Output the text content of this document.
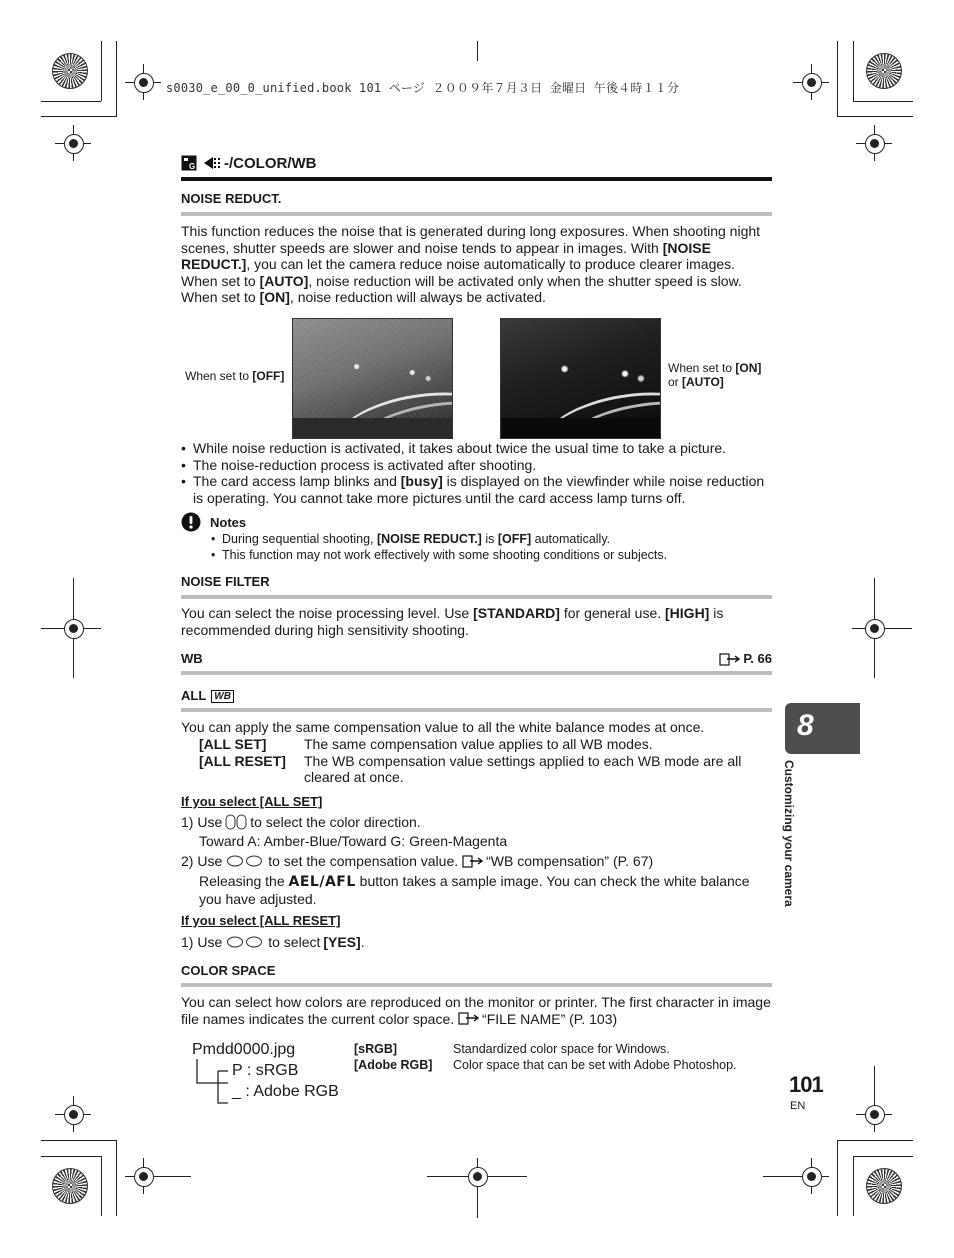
s0030_e_00_0_unified.book 101 ページ ２００９年７月３日 金曜日 午後４時１１分
G -/COLOR/WB
NOISE REDUCT.
This function reduces the noise that is generated during long exposures. When shooting night scenes, shutter speeds are slower and noise tends to appear in images. With [NOISE REDUCT.], you can let the camera reduce noise automatically to produce clearer images. When set to [AUTO], noise reduction will be activated only when the shutter speed is slow. When set to [ON], noise reduction will always be activated.
When set to [OFF]
When set to [ON]
or [AUTO]
• While noise reduction is activated, it takes about twice the usual time to take a picture.
• The noise-reduction process is activated after shooting.
• The card access lamp blinks and [busy] is displayed on the viewfinder while noise reduction is operating. You cannot take more pictures until the card access lamp turns off.
Notes
• During sequential shooting, [NOISE REDUCT.] is [OFF] automatically.
• This function may not work effectively with some shooting conditions or subjects.
NOISE FILTER
You can select the noise processing level. Use [STANDARD] for general use. [HIGH] is recommended during high sensitivity shooting.
WB	P. 66
ALL WB
You can apply the same compensation value to all the white balance modes at once.
[ALL SET]	The same compensation value applies to all WB modes.
[ALL RESET]	The WB compensation value settings applied to each WB mode are all cleared at once.
If you select [ALL SET]
1) Use to select the color direction.
Toward A: Amber-Blue/Toward G: Green-Magenta
2) Use	to set the compensation value. “WB compensation” (P. 67)
Releasing the AEL/AFL button takes a sample image. You can check the white balance you have adjusted.
If you select [ALL RESET]
1) Use	to select [YES] .
COLOR SPACE
You can select how colors are reproduced on the monitor or printer. The first character in image file names indicates the current color space. “FILE NAME” (P. 103)
Pmdd0000.jpg
P : sRGB
_ : Adobe RGB
[sRGB]	Standardized color space for Windows.
[Adobe RGB]	Color space that can be set with Adobe Photoshop.
8
Customizing your camera
101
EN
